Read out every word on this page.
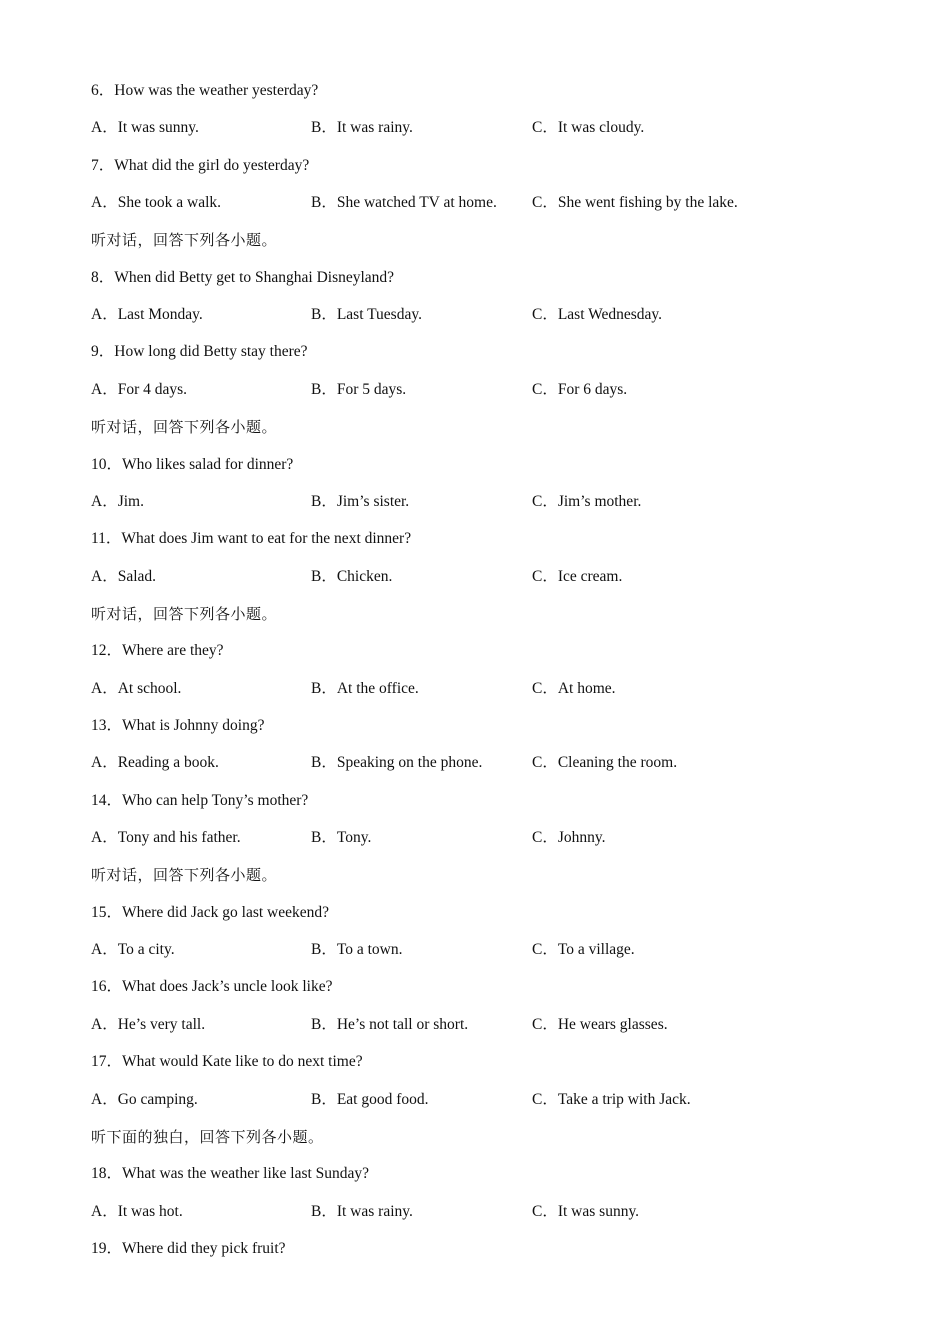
6．How was the weather yesterday?
A．It was sunny.	B．It was rainy.	C．It was cloudy.
7．What did the girl do yesterday?
A．She took a walk.	B．She watched TV at home. C．She went fishing by the lake.
听对话，回答下列各小题。
8．When did Betty get to Shanghai Disneyland?
A．Last Monday.	B．Last Tuesday.	C．Last Wednesday.
9．How long did Betty stay there?
A．For 4 days.	B．For 5 days.	C．For 6 days.
听对话，回答下列各小题。
10．Who likes salad for dinner?
A．Jim.	B．Jim’s sister.	C．Jim’s mother.
11．What does Jim want to eat for the next dinner?
A．Salad.	B．Chicken.	C．Ice cream.
听对话，回答下列各小题。
12．Where are they?
A．At school.	B．At the office.	C．At home.
13．What is Johnny doing?
A．Reading a book.	B．Speaking on the phone.	C．Cleaning the room.
14．Who can help Tony’s mother?
A．Tony and his father.	B．Tony.	C．Johnny.
听对话，回答下列各小题。
15．Where did Jack go last weekend?
A．To a city.	B．To a town.	C．To a village.
16．What does Jack’s uncle look like?
A．He’s very tall.	B．He’s not tall or short.	C．He wears glasses.
17．What would Kate like to do next time?
A．Go camping.	B．Eat good food.	C．Take a trip with Jack.
听下面的独白，回答下列各小题。
18．What was the weather like last Sunday?
A．It was hot.	B．It was rainy.	C．It was sunny.
19．Where did they pick fruit?
